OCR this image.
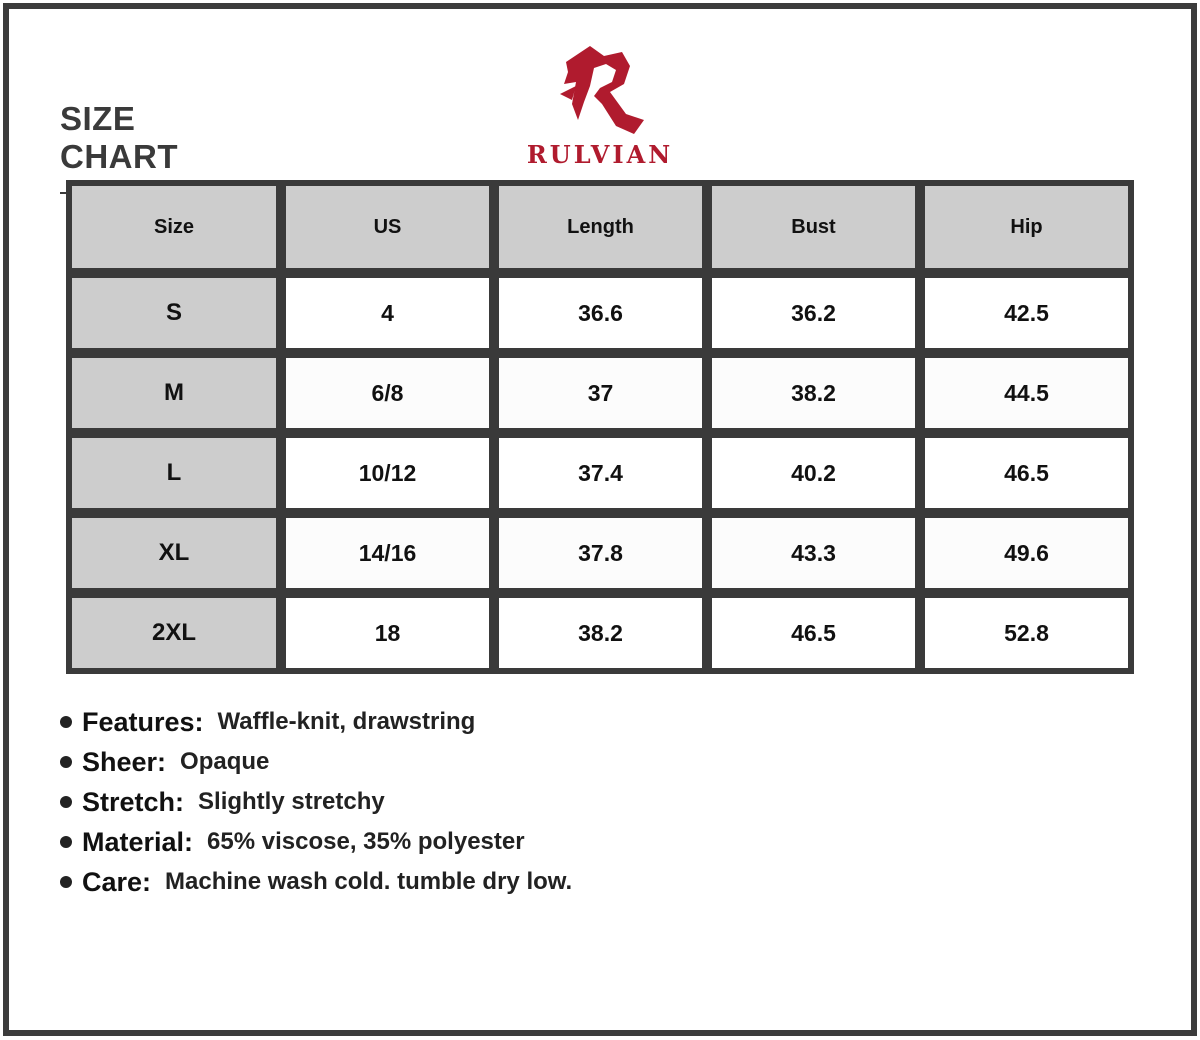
SIZE CHART	RULVIAN
Size	US	Length	Bust	Hip
S	4	36.6	36.2	42.5
M	6/8	37	38.2	44.5
L	10/12	37.4	40.2	46.5
XL	14/16	37.8	43.3	49.6
2XL	18	38.2	46.5	52.8
Features: Waffle-knit, drawstring
Sheer: Opaque
Stretch: Slightly stretchy
Material: 65% viscose, 35% polyester
Care: Machine wash cold. tumble dry low.
